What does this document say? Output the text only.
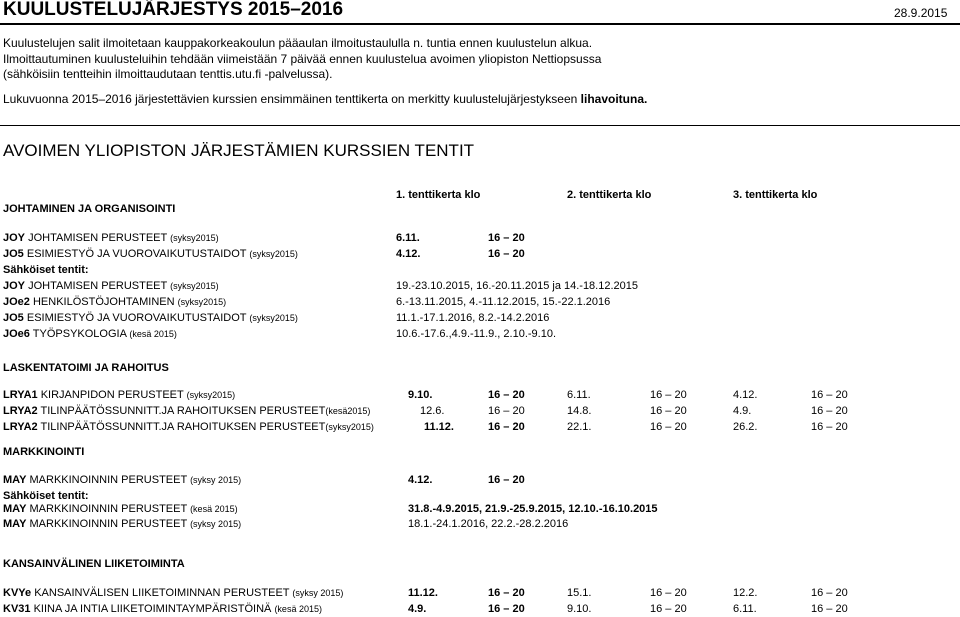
KUULUSTELUJÄRJESTYS 2015–2016	28.9.2015
Kuulustelujen salit ilmoitetaan kauppakorkeakoulun pääaulan ilmoitustaululla n. tuntia ennen kuulustelun alkua.
Ilmoittautuminen kuulusteluihin tehdään viimeistään 7 päivää ennen kuulustelua avoimen yliopiston Nettiopsussa
(sähköisiin tentteihin ilmoittaudutaan tenttis.utu.fi -palvelussa).
Lukuvuonna 2015–2016 järjestettävien kurssien ensimmäinen tenttikerta on merkitty kuulustelujärjestykseen lihavoituna.
AVOIMEN YLIOPISTON JÄRJESTÄMIEN KURSSIEN TENTIT
1. tenttikerta klo	2. tenttikerta klo	3. tenttikerta klo
JOHTAMINEN JA ORGANISOINTI
JOY JOHTAMISEN PERUSTEET (syksy2015)	6.11.	16 – 20
JO5 ESIMIESTYÖ JA VUOROVAIKUTUSTAIDOT (syksy2015)	4.12.	16 – 20
Sähköiset tentit:
JOY JOHTAMISEN PERUSTEET (syksy2015)	19.-23.10.2015, 16.-20.11.2015 ja 14.-18.12.2015
JOe2 HENKILÖSTÖJOHTAMINEN (syksy2015)	6.-13.11.2015, 4.-11.12.2015, 15.-22.1.2016
JO5 ESIMIESTYÖ JA VUOROVAIKUTUSTAIDOT (syksy2015)	11.1.-17.1.2016, 8.2.-14.2.2016
JOe6 TYÖPSYKOLOGIA (kesä 2015)	10.6.-17.6.,4.9.-11.9., 2.10.-9.10.
LASKENTATOIMI JA RAHOITUS
LRYA1 KIRJANPIDON PERUSTEET (syksy2015)	9.10.	16 – 20	6.11.	16 – 20	4.12.	16 – 20
LRYA2 TILINPÄÄTÖSSUNNITT.JA RAHOITUKSEN PERUSTEET(kesä2015)	12.6.	16 – 20	14.8.	16 – 20	4.9.	16 – 20
LRYA2 TILINPÄÄTÖSSUNNITT.JA RAHOITUKSEN PERUSTEET(syksy2015)	11.12.	16 – 20	22.1.	16 – 20	26.2.	16 – 20
MARKKINOINTI
MAY MARKKINOINNIN PERUSTEET (syksy 2015)	4.12.	16 – 20
Sähköiset tentit:
MAY MARKKINOINNIN PERUSTEET (kesä 2015)	31.8.-4.9.2015, 21.9.-25.9.2015, 12.10.-16.10.2015
MAY MARKKINOINNIN PERUSTEET (syksy 2015)	18.1.-24.1.2016, 22.2.-28.2.2016
KANSAINVÄLINEN LIIKETOIMINTA
KVYe KANSAINVÄLISEN LIIKETOIMINNAN PERUSTEET (syksy 2015)	11.12.	16 – 20	15.1.	16 – 20	12.2.	16 – 20
KV31 KIINA JA INTIA LIIKETOIMINTAYMPÄRISTÖINÄ (kesä 2015)	4.9.	16 – 20	9.10.	16 – 20	6.11.	16 – 20
